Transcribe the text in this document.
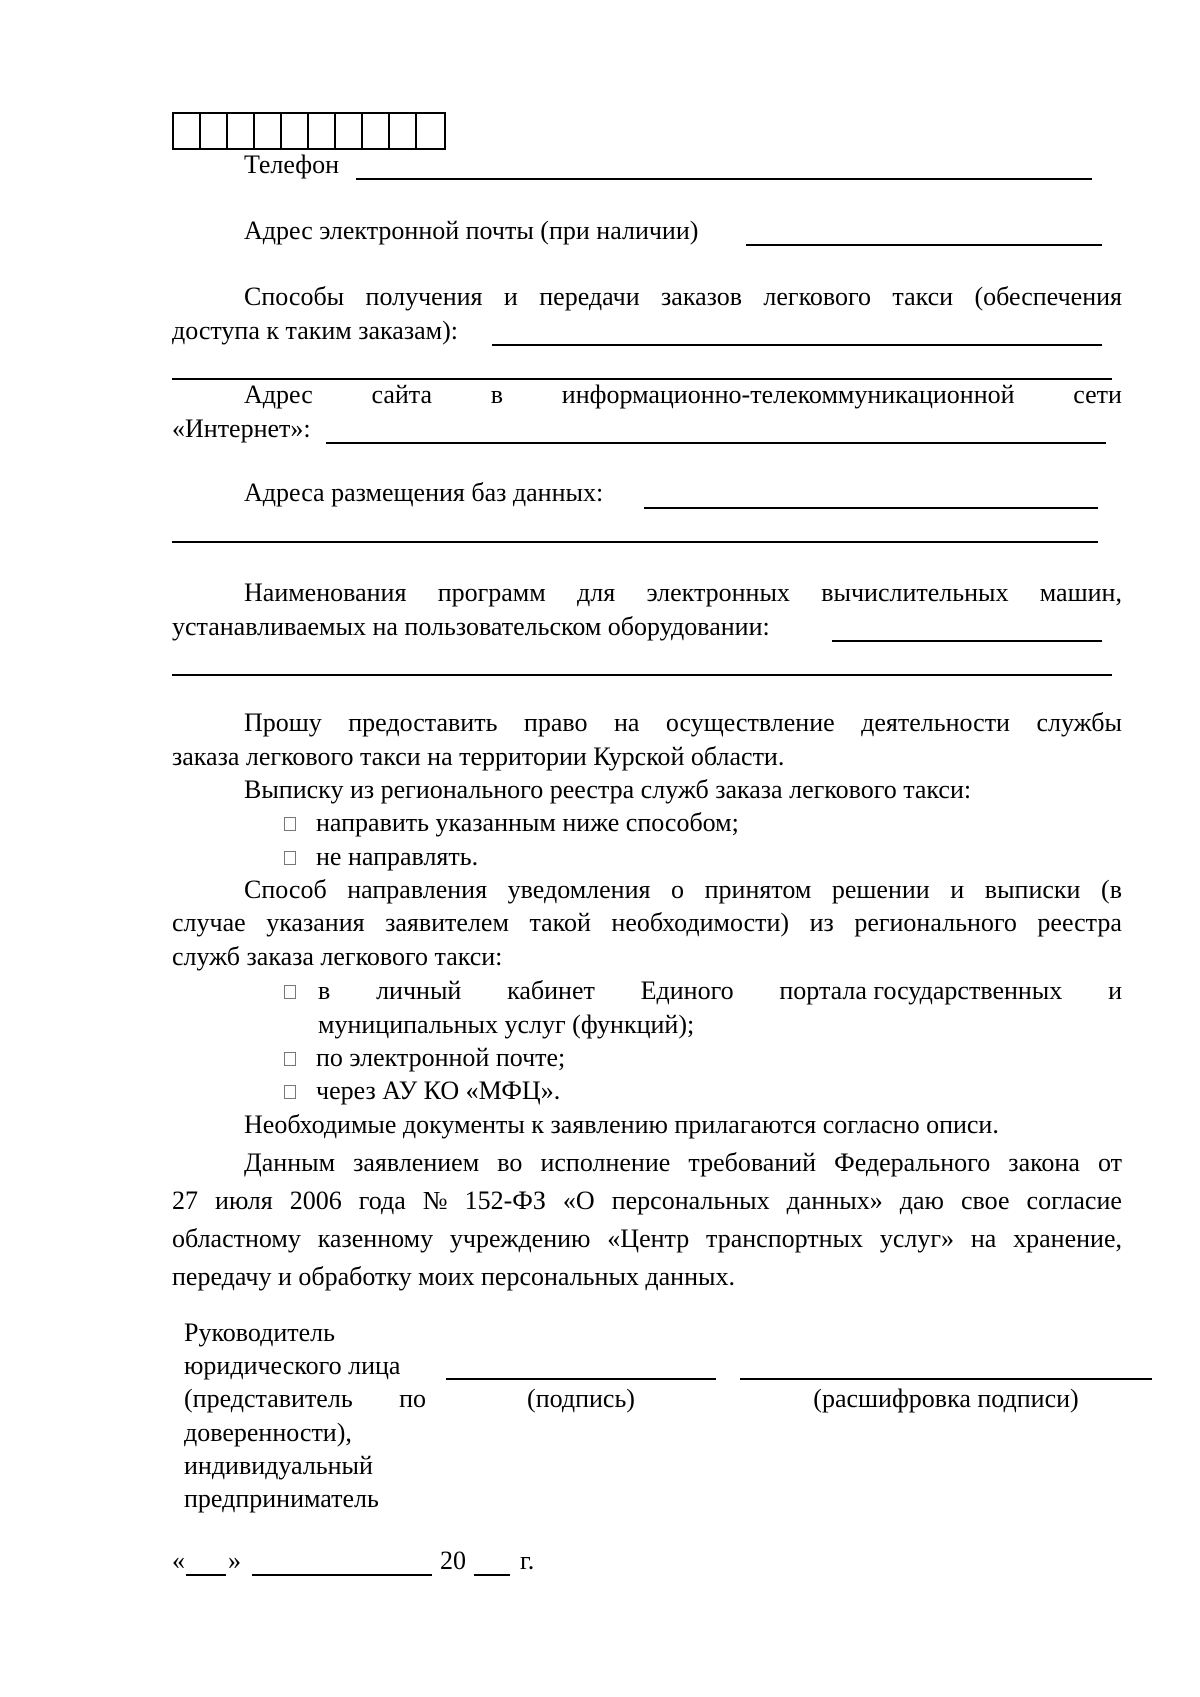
Телефон
Адрес электронной почты (при наличии)
Способы получения и передачи заказов легкового такси (обеспечения
доступа к таким заказам):
Адрес сайта в информационно-телекоммуникационной сети
«Интернет»:
Адреса размещения баз данных:
Наименования программ для электронных вычислительных машин,
устанавливаемых на пользовательском оборудовании:
Прошу предоставить право на осуществление деятельности службы
заказа легкового такси на территории Курской области.
Выписку из регионального реестра служб заказа легкового такси:
направить указанным ниже способом;
не направлять.
Способ направления уведомления о принятом решении и выписки (в
случае указания заявителем такой необходимости) из регионального реестра
служб заказа легкового такси:
в личный кабинет Единого портала государственных и
муниципальных услуг (функций);
по электронной почте;
через АУ КО «МФЦ».
Необходимые документы к заявлению прилагаются согласно описи.
Данным заявлением во исполнение требований Федерального закона от
27 июля 2006 года № 152-ФЗ «О персональных данных» даю свое согласие
областному казенному учреждению «Центр транспортных услуг» на хранение,
передачу и обработку моих персональных данных.
Руководитель
юридического лица
(представитель по
доверенности),
индивидуальный
предприниматель
(подпись)	(расшифровка подписи)
« »	20 г.
